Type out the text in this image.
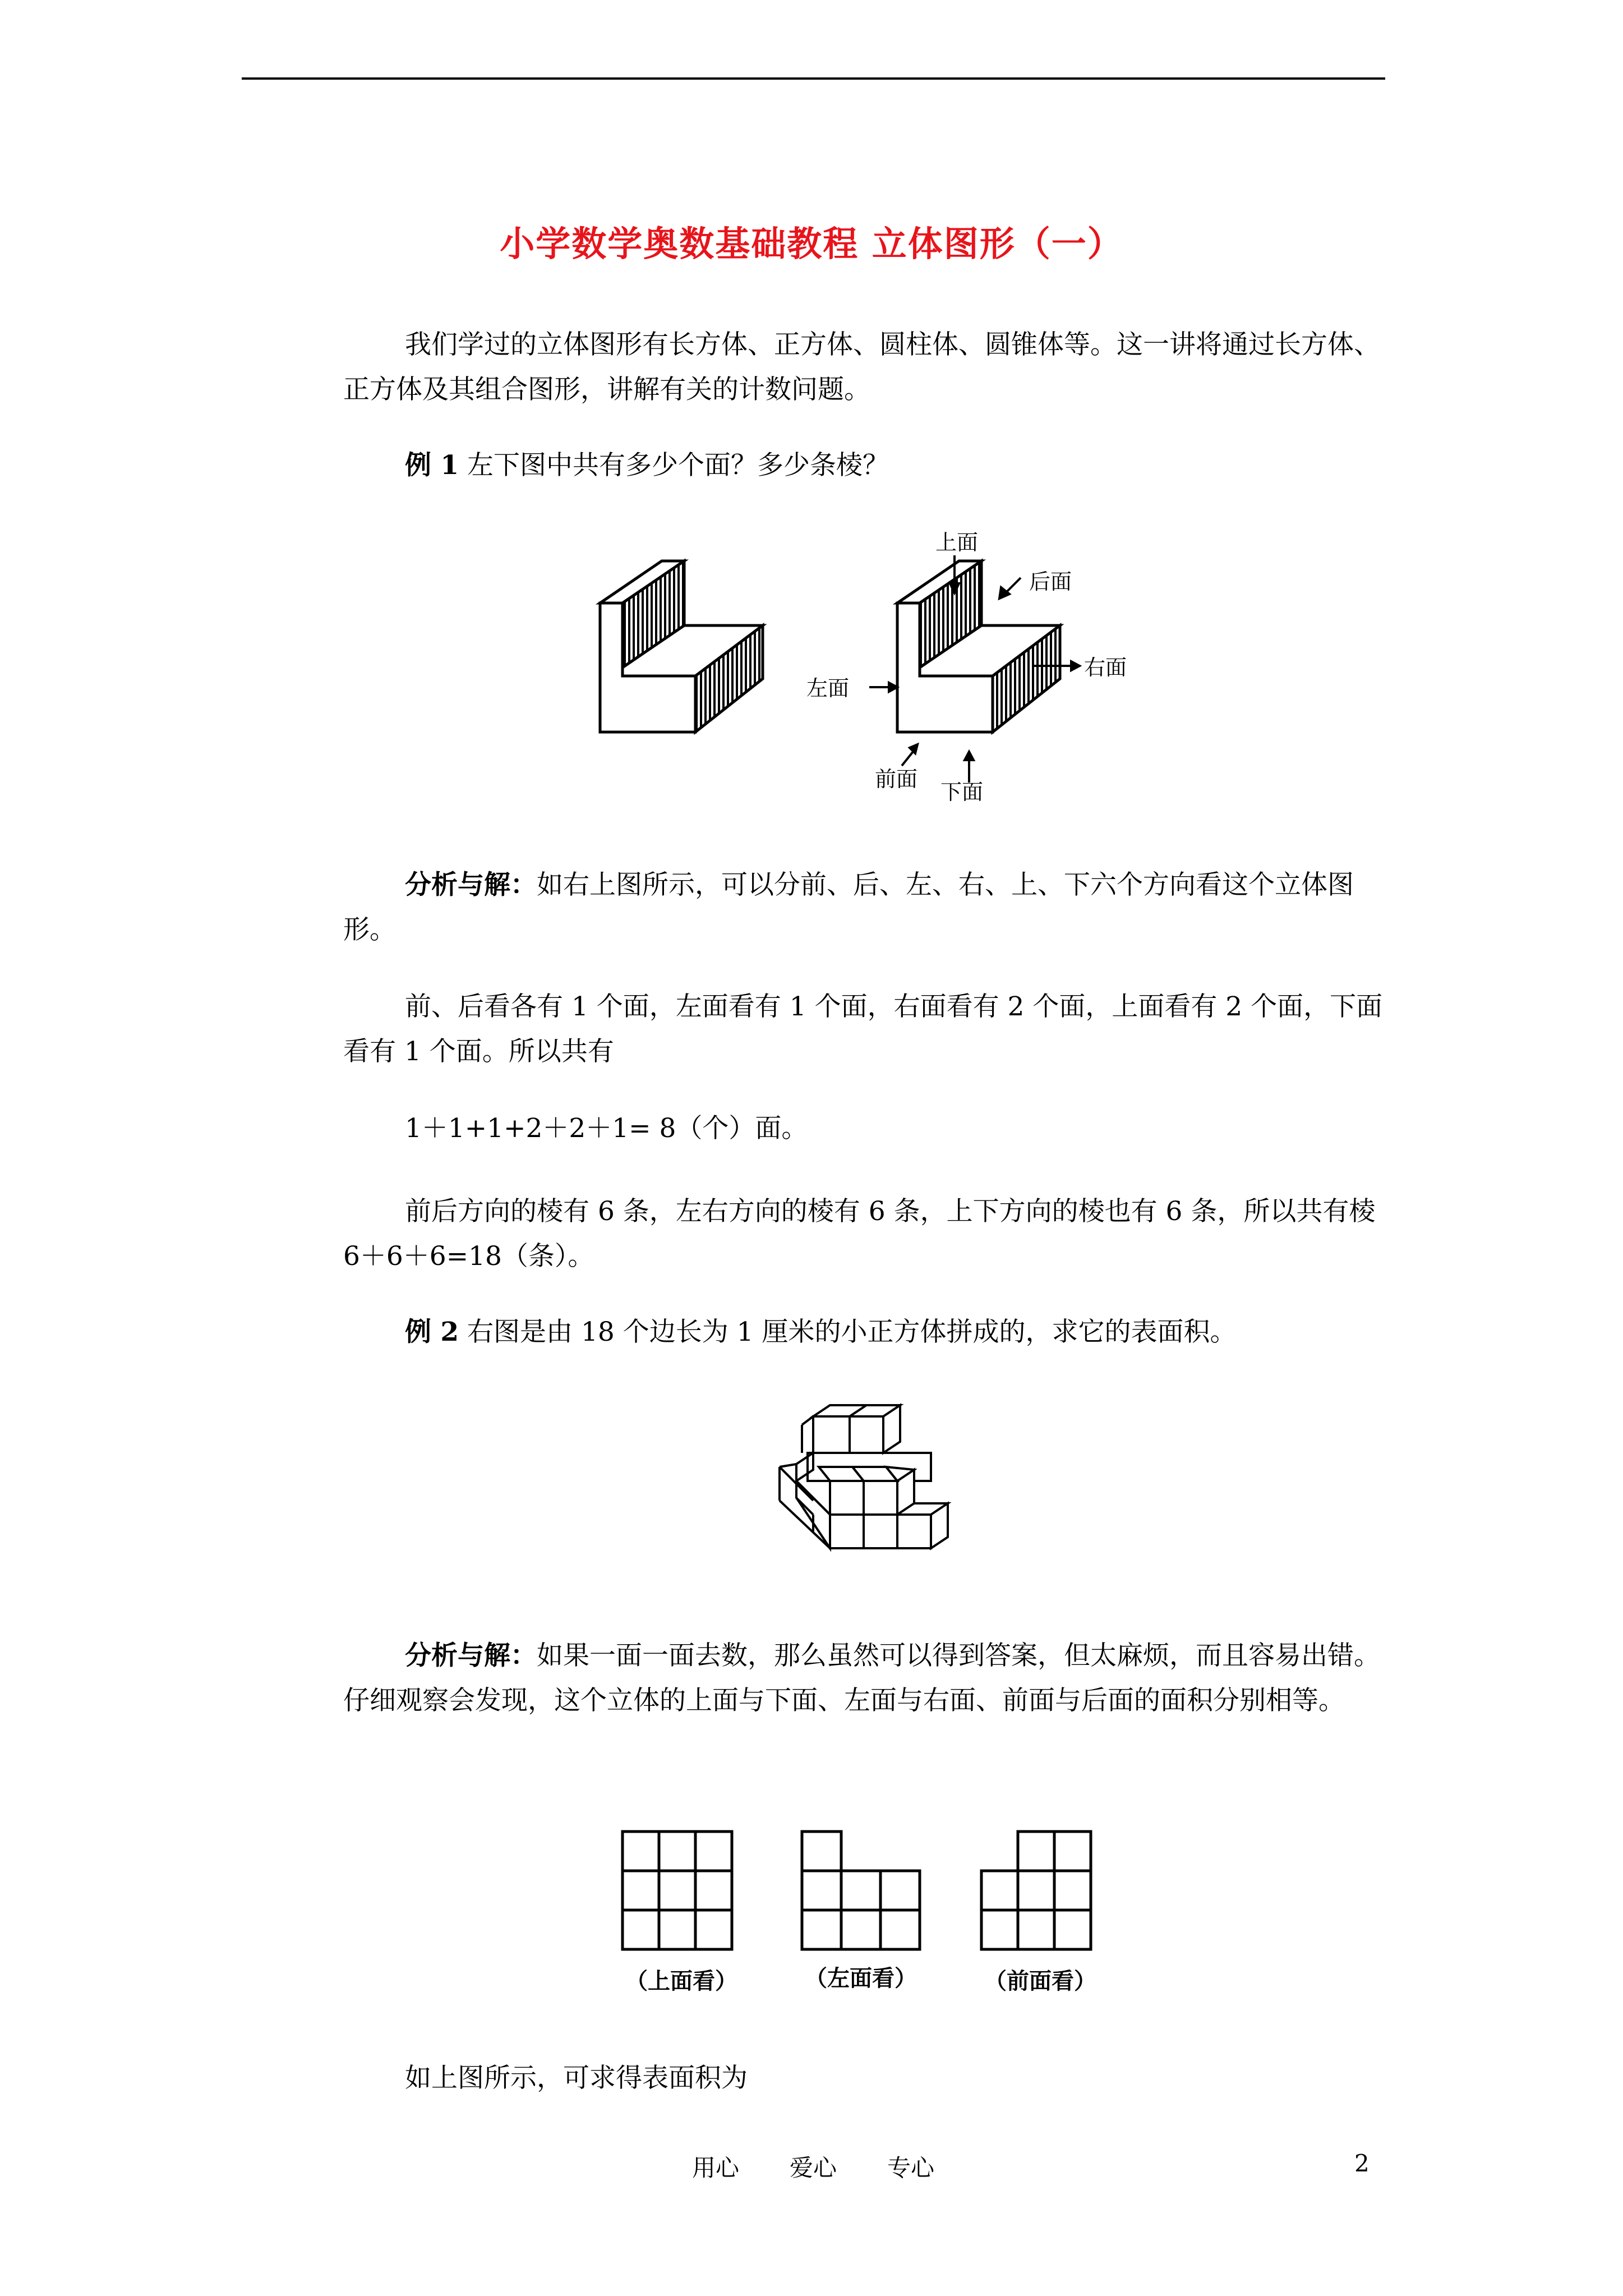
小学数学奥数基础教程 立体图形（一）

我们学过的立体图形有长方体、正方体、圆柱体、圆锥体等。这一讲将通过长方体、正方体及其组合图形，讲解有关的计数问题。

例 1 左下图中共有多少个面？多少条棱？

上面
后面
左面
右面
前面
下面

分析与解：如右上图所示，可以分前、后、左、右、上、下六个方向看这个立体图形。

前、后看各有 1 个面，左面看有 1 个面，右面看有 2 个面，上面看有 2 个面，下面看有 1 个面。所以共有

1＋1+1+2＋2＋1= 8（个）面。

前后方向的棱有 6 条，左右方向的棱有 6 条，上下方向的棱也有 6 条，所以共有棱 6＋6＋6=18（条）。

例 2 右图是由 18 个边长为 1 厘米的小正方体拼成的，求它的表面积。

分析与解：如果一面一面去数，那么虽然可以得到答案，但太麻烦，而且容易出错。仔细观察会发现，这个立体的上面与下面、左面与右面、前面与后面的面积分别相等。

（上面看）	（左面看）	（前面看）

如上图所示，可求得表面积为

用心 爱心 专心	2
